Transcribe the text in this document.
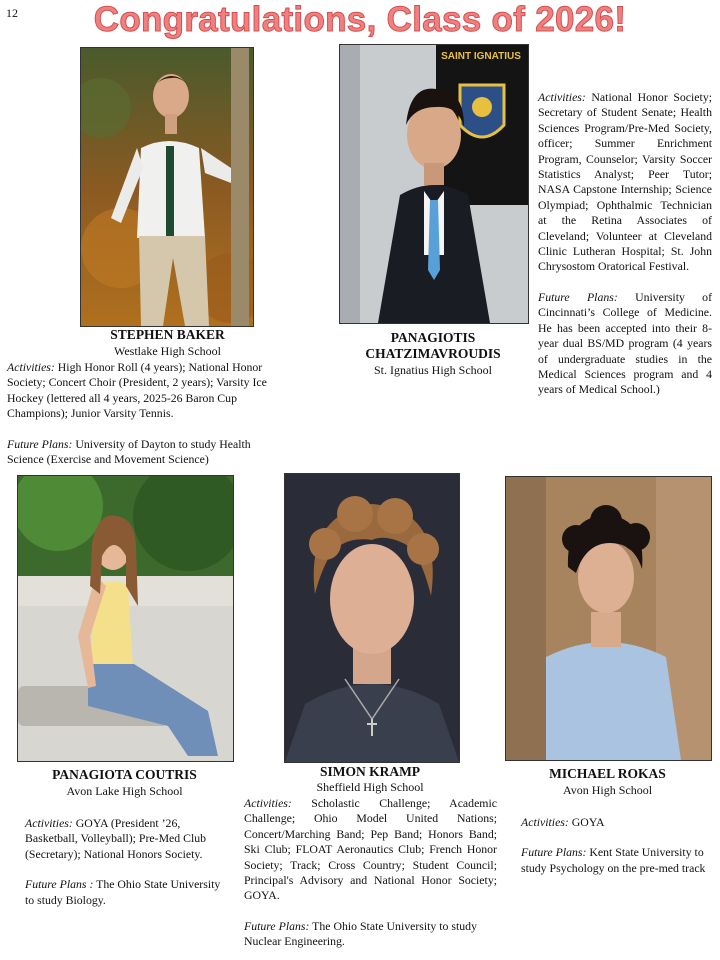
12	Congratulations, Class of 2026!
STEPHEN BAKER
Westlake High School
Activities: High Honor Roll (4 years); National Honor Society; Concert Choir (President, 2 years); Varsity Ice Hockey (lettered all 4 years, 2025-26 Baron Cup Champions); Junior Varsity Tennis.
Future Plans: University of Dayton to study Health Science (Exercise and Movement Science)
SAINT IGNATIUS
PANAGIOTIS
CHATZIMAVROUDIS
St. Ignatius High School
Activities: National Honor Society; Secretary of Student Senate; Health Sciences Program/Pre-Med Society, officer; Summer Enrichment Program, Counselor; Varsity Soccer Statistics Analyst; Peer Tutor; NASA Capstone Internship; Science Olympiad; Ophthalmic Technician at the Retina Associates of Cleveland; Volunteer at Cleveland Clinic Lutheran Hospital; St. John Chrysostom Oratorical Festival.
Future Plans: University of Cincinnati’s College of Medicine. He has been accepted into their 8-year dual BS/MD program (4 years of undergraduate studies in the Medical Sciences program and 4 years of Medical School.)
PANAGIOTA COUTRIS
Avon Lake High School
Activities: GOYA (President ’26, Basketball, Volleyball); Pre-Med Club (Secretary); National Honors Society.
Future Plans : The Ohio State University to study Biology.
SIMON KRAMP
Sheffield High School
Activities: Scholastic Challenge; Academic Challenge; Ohio Model United Nations; Concert/Marching Band; Pep Band; Honors Band; Ski Club; FLOAT Aeronautics Club; French Honor Society; Track; Cross Country; Student Council; Principal's Advisory and National Honor Society; GOYA.
Future Plans: The Ohio State University to study Nuclear Engineering.
MICHAEL ROKAS
Avon High School
Activities: GOYA
Future Plans: Kent State University to study Psychology on the pre-med track
